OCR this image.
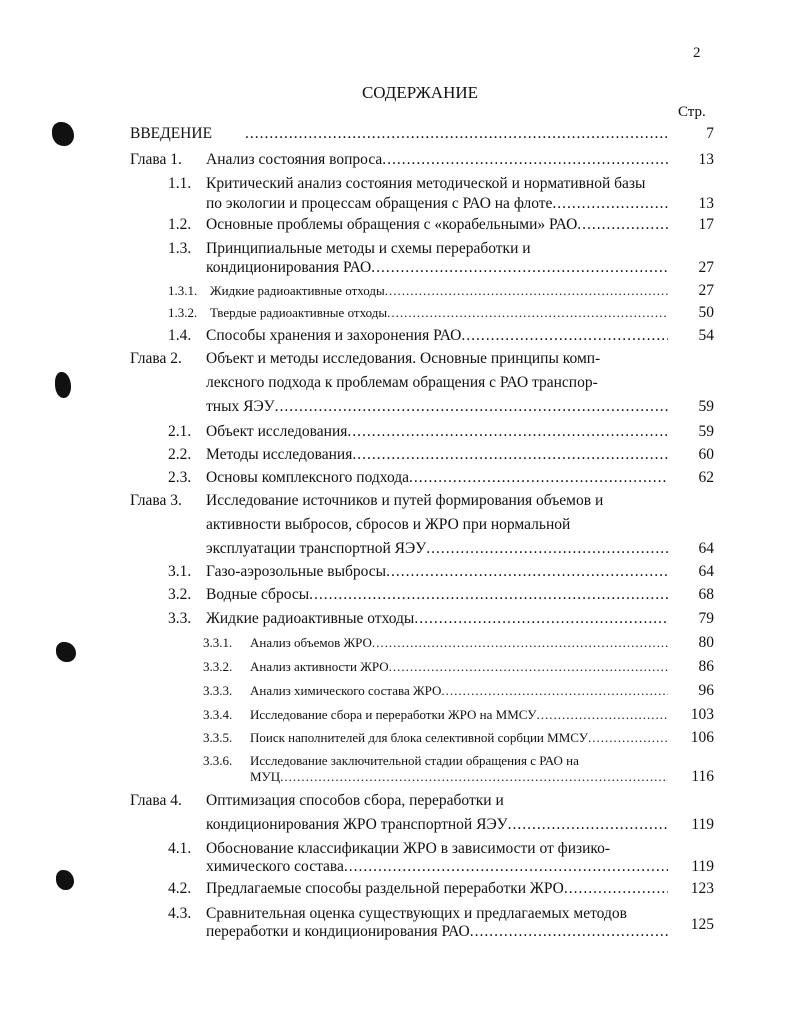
2
СОДЕРЖАНИЕ
Стр.
ВВЕДЕНИЕ .....	7
Глава 1. Анализ состояния вопроса .....	13
1.1. Критический анализ состояния методической и нормативной базы
по экологии и процессам обращения с РАО на флоте .....	13
1.2. Основные проблемы обращения с «корабельными» РАО .....	17
1.3. Принципиальные методы и схемы переработки и
кондиционирования РАО .....	27
1.3.1. Жидкие радиоактивные отходы .....	27
1.3.2. Твердые радиоактивные отходы .....	50
1.4. Способы хранения и захоронения РАО .....	54
Глава 2. Объект и методы исследования. Основные принципы комп-
лексного подхода к проблемам обращения с РАО транспор-
тных ЯЭУ .....	59
2.1. Объект исследования .....	59
2.2. Методы исследования .....	60
2.3. Основы комплексного подхода .....	62
Глава 3. Исследование источников и путей формирования объемов и
активности выбросов, сбросов и ЖРО при нормальной
эксплуатации транспортной ЯЭУ .....	64
3.1. Газо-аэрозольные выбросы .....	64
3.2. Водные сбросы .....	68
3.3. Жидкие радиоактивные отходы .....	79
3.3.1. Анализ объемов ЖРО .....	80
3.3.2. Анализ активности ЖРО .....	86
3.3.3. Анализ химического состава ЖРО .....	96
3.3.4. Исследование сбора и переработки ЖРО на ММСУ .....	103
3.3.5. Поиск наполнителей для блока селективной сорбции ММСУ .....	106
3.3.6. Исследование заключительной стадии обращения с РАО на
МУЦ .....	116
Глава 4. Оптимизация способов сбора, переработки и
кондиционирования ЖРО транспортной ЯЭУ .....	119
4.1. Обоснование классификации ЖРО в зависимости от физико-
химического состава .....	119
4.2. Предлагаемые способы раздельной переработки ЖРО .....	123
4.3. Сравнительная оценка существующих и предлагаемых методов
переработки и кондиционирования РАО .....	125
